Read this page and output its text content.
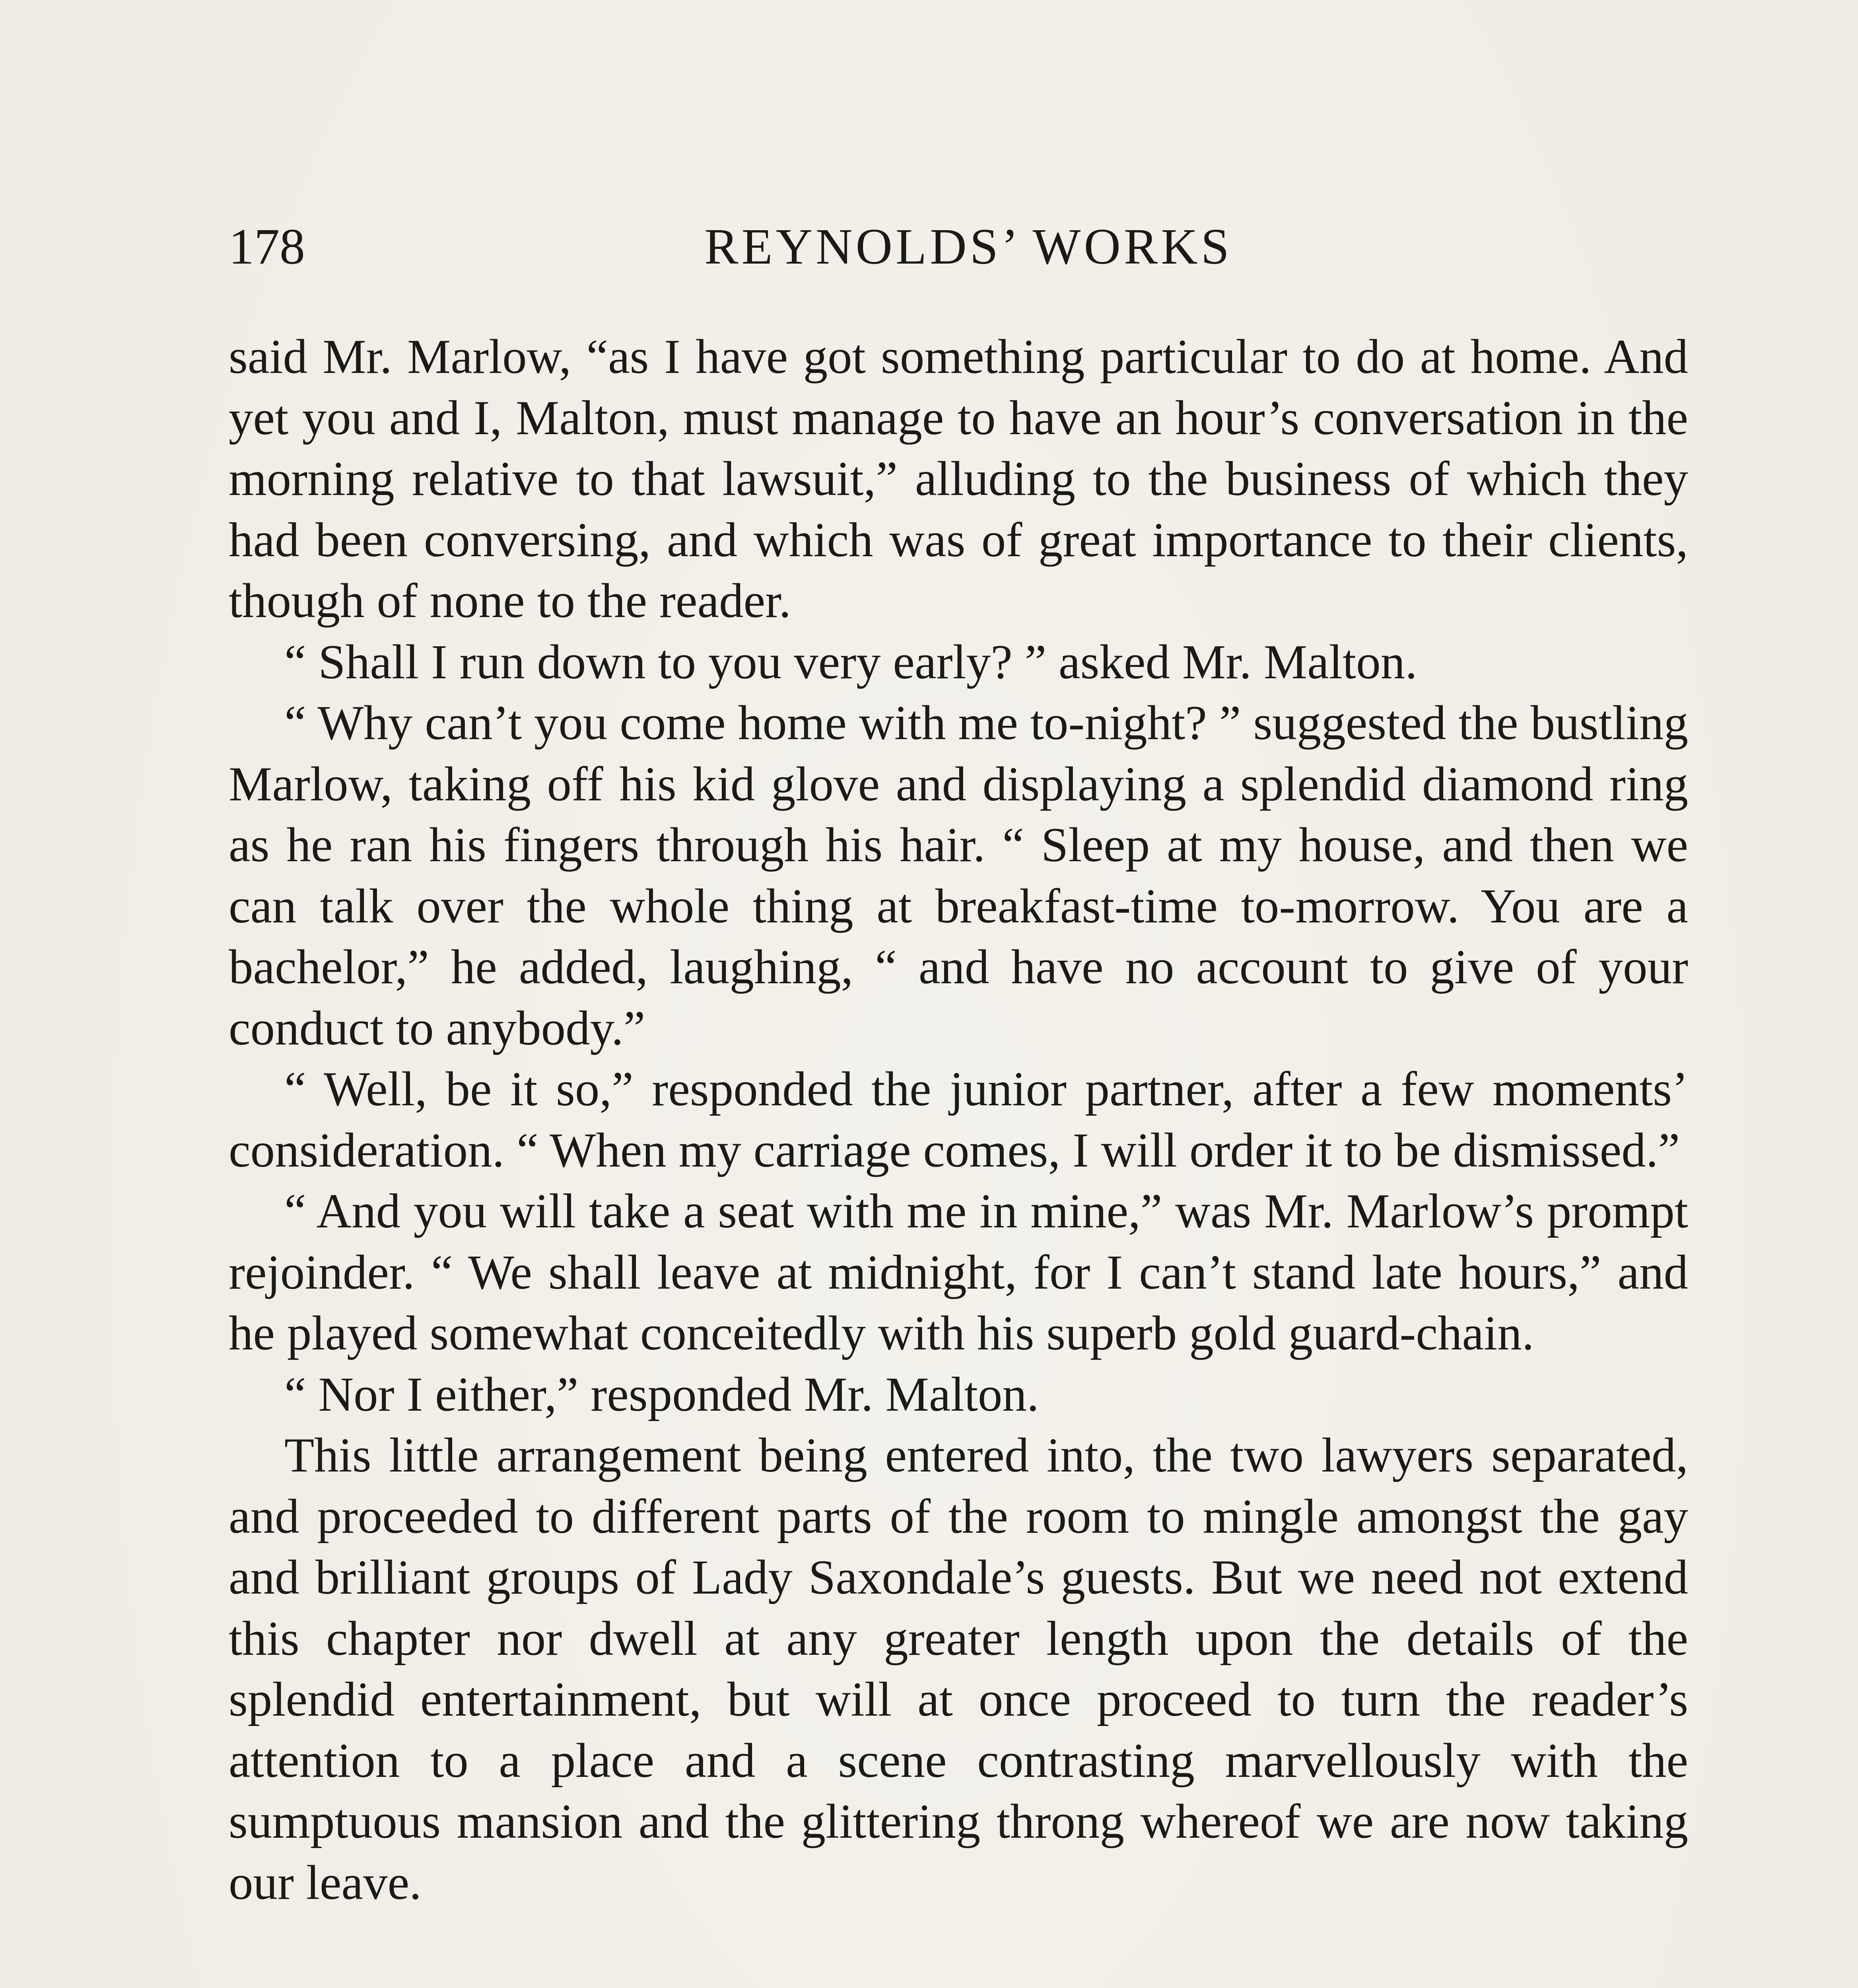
178	REYNOLDS’ WORKS

said Mr. Marlow, “as I have got something particular to do at home. And yet you and I, Malton, must manage to have an hour’s conversation in the morning relative to that lawsuit,” alluding to the business of which they had been conversing, and which was of great importance to their clients, though of none to the reader.

“ Shall I run down to you very early? ” asked Mr. Malton.

“ Why can’t you come home with me to-night? ” suggested the bustling Marlow, taking off his kid glove and displaying a splendid diamond ring as he ran his fingers through his hair. “ Sleep at my house, and then we can talk over the whole thing at breakfast-time to-morrow. You are a bachelor,” he added, laughing, “ and have no account to give of your conduct to anybody.”

“ Well, be it so,” responded the junior partner, after a few moments’ consideration. “ When my carriage comes, I will order it to be dismissed.”

“ And you will take a seat with me in mine,” was Mr. Marlow’s prompt rejoinder. “ We shall leave at midnight, for I can’t stand late hours,” and he played somewhat conceitedly with his superb gold guard-chain.

“ Nor I either,” responded Mr. Malton.

This little arrangement being entered into, the two lawyers separated, and proceeded to different parts of the room to mingle amongst the gay and brilliant groups of Lady Saxondale’s guests. But we need not extend this chapter nor dwell at any greater length upon the details of the splendid entertainment, but will at once proceed to turn the reader’s attention to a place and a scene contrasting marvellously with the sumptuous mansion and the glittering throng whereof we are now taking our leave.
